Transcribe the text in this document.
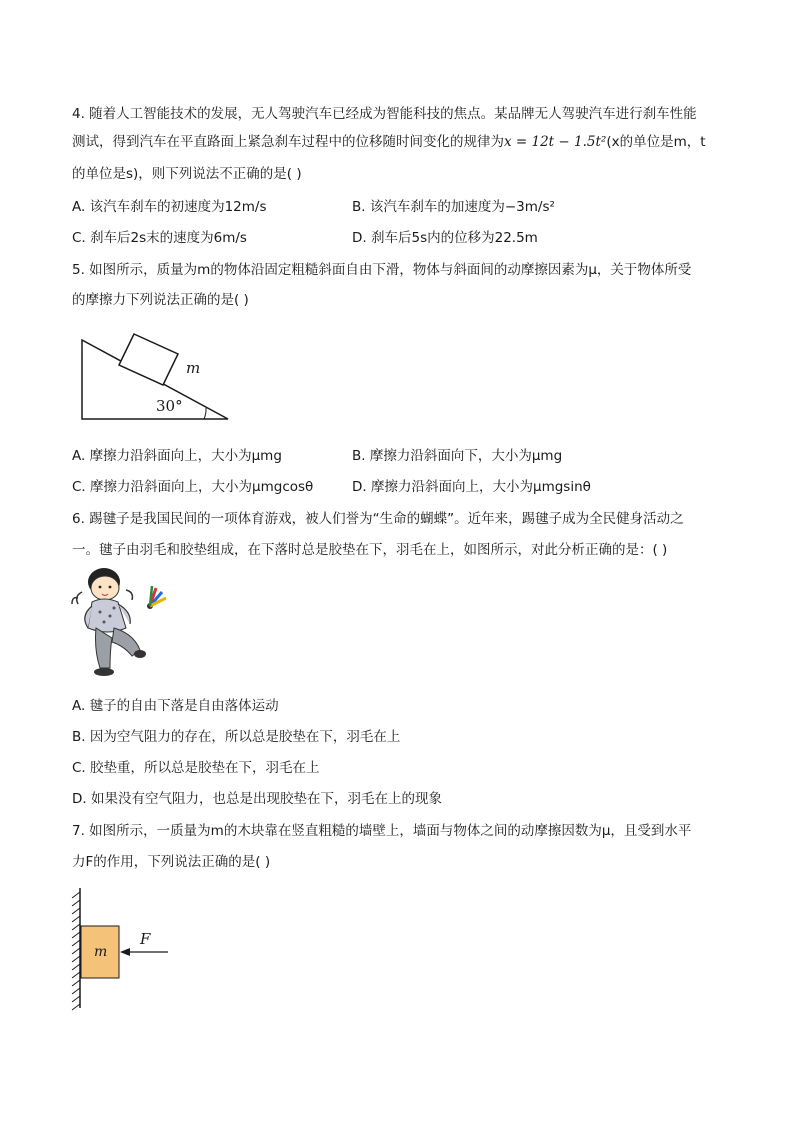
4. 随着人工智能技术的发展，无人驾驶汽车已经成为智能科技的焦点。某品牌无人驾驶汽车进行刹车性能
测试，得到汽车在平直路面上紧急刹车过程中的位移随时间变化的规律为x = 12t − 1.5t²(x的单位是m，t
的单位是s)，则下列说法不正确的是( )
A. 该汽车刹车的初速度为12m/s	B. 该汽车刹车的加速度为−3m/s²
C. 刹车后2s末的速度为6m/s	D. 刹车后5s内的位移为22.5m
5. 如图所示，质量为m的物体沿固定粗糙斜面自由下滑，物体与斜面间的动摩擦因素为μ，关于物体所受
的摩擦力下列说法正确的是( )
m
30°
A. 摩擦力沿斜面向上，大小为μmg	B. 摩擦力沿斜面向下，大小为μmg
C. 摩擦力沿斜面向上，大小为μmgcosθ	D. 摩擦力沿斜面向上，大小为μmgsinθ
6. 踢毽子是我国民间的一项体育游戏，被人们誉为“生命的蝴蝶”。近年来，踢毽子成为全民健身活动之
一。毽子由羽毛和胶垫组成，在下落时总是胶垫在下，羽毛在上，如图所示，对此分析正确的是：( )
A. 毽子的自由下落是自由落体运动
B. 因为空气阻力的存在，所以总是胶垫在下，羽毛在上
C. 胶垫重，所以总是胶垫在下，羽毛在上
D. 如果没有空气阻力，也总是出现胶垫在下，羽毛在上的现象
7. 如图所示，一质量为m的木块靠在竖直粗糙的墙壁上，墙面与物体之间的动摩擦因数为μ，且受到水平
力F的作用，下列说法正确的是( )
m
F
